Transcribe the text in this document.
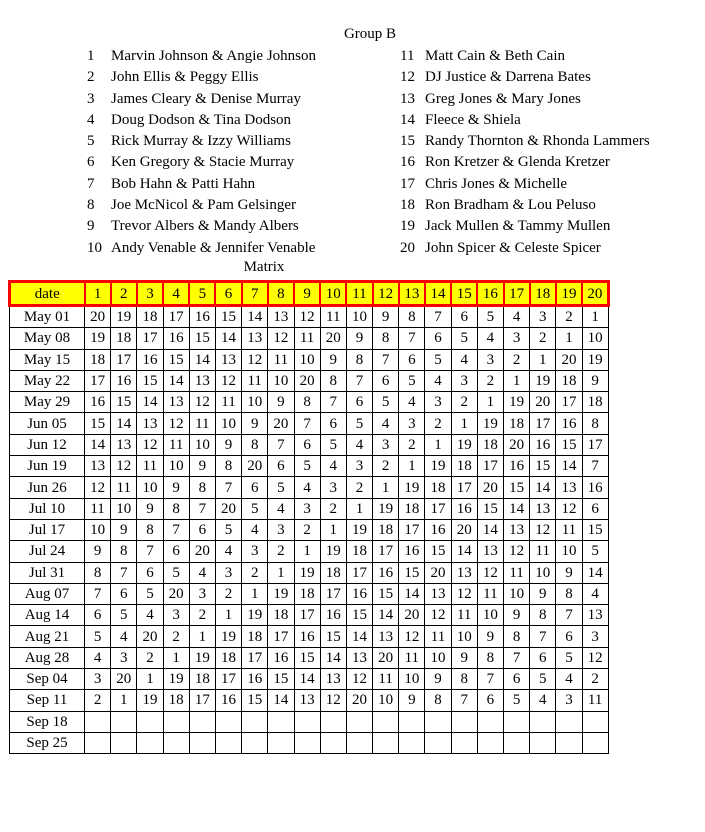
Group B
1 Marvin Johnson & Angie Johnson
2 John Ellis & Peggy Ellis
3 James Cleary & Denise Murray
4 Doug Dodson & Tina Dodson
5 Rick Murray & Izzy Williams
6 Ken Gregory & Stacie Murray
7 Bob Hahn & Patti Hahn
8 Joe McNicol & Pam Gelsinger
9 Trevor Albers & Mandy Albers
10 Andy Venable & Jennifer Venable
11 Matt Cain & Beth Cain
12 DJ Justice & Darrena Bates
13 Greg Jones & Mary Jones
14 Fleece & Shiela
15 Randy Thornton & Rhonda Lammers
16 Ron Kretzer & Glenda Kretzer
17 Chris Jones & Michelle
18 Ron Bradham & Lou Peluso
19 Jack Mullen & Tammy Mullen
20 John Spicer & Celeste Spicer
Matrix
date	1	2	3	4	5	6	7	8	9	10	11	12	13	14	15	16	17	18	19	20
May 01	20	19	18	17	16	15	14	13	12	11	10	9	8	7	6	5	4	3	2	1
May 08	19	18	17	16	15	14	13	12	11	20	9	8	7	6	5	4	3	2	1	10
May 15	18	17	16	15	14	13	12	11	10	9	8	7	6	5	4	3	2	1	20	19
May 22	17	16	15	14	13	12	11	10	20	8	7	6	5	4	3	2	1	19	18	9
May 29	16	15	14	13	12	11	10	9	8	7	6	5	4	3	2	1	19	20	17	18
Jun 05	15	14	13	12	11	10	9	20	7	6	5	4	3	2	1	19	18	17	16	8
Jun 12	14	13	12	11	10	9	8	7	6	5	4	3	2	1	19	18	20	16	15	17
Jun 19	13	12	11	10	9	8	20	6	5	4	3	2	1	19	18	17	16	15	14	7
Jun 26	12	11	10	9	8	7	6	5	4	3	2	1	19	18	17	20	15	14	13	16
Jul 10	11	10	9	8	7	20	5	4	3	2	1	19	18	17	16	15	14	13	12	6
Jul 17	10	9	8	7	6	5	4	3	2	1	19	18	17	16	20	14	13	12	11	15
Jul 24	9	8	7	6	20	4	3	2	1	19	18	17	16	15	14	13	12	11	10	5
Jul 31	8	7	6	5	4	3	2	1	19	18	17	16	15	20	13	12	11	10	9	14
Aug 07	7	6	5	20	3	2	1	19	18	17	16	15	14	13	12	11	10	9	8	4
Aug 14	6	5	4	3	2	1	19	18	17	16	15	14	20	12	11	10	9	8	7	13
Aug 21	5	4	20	2	1	19	18	17	16	15	14	13	12	11	10	9	8	7	6	3
Aug 28	4	3	2	1	19	18	17	16	15	14	13	20	11	10	9	8	7	6	5	12
Sep 04	3	20	1	19	18	17	16	15	14	13	12	11	10	9	8	7	6	5	4	2
Sep 11	2	1	19	18	17	16	15	14	13	12	20	10	9	8	7	6	5	4	3	11
Sep 18																				
Sep 25																				
